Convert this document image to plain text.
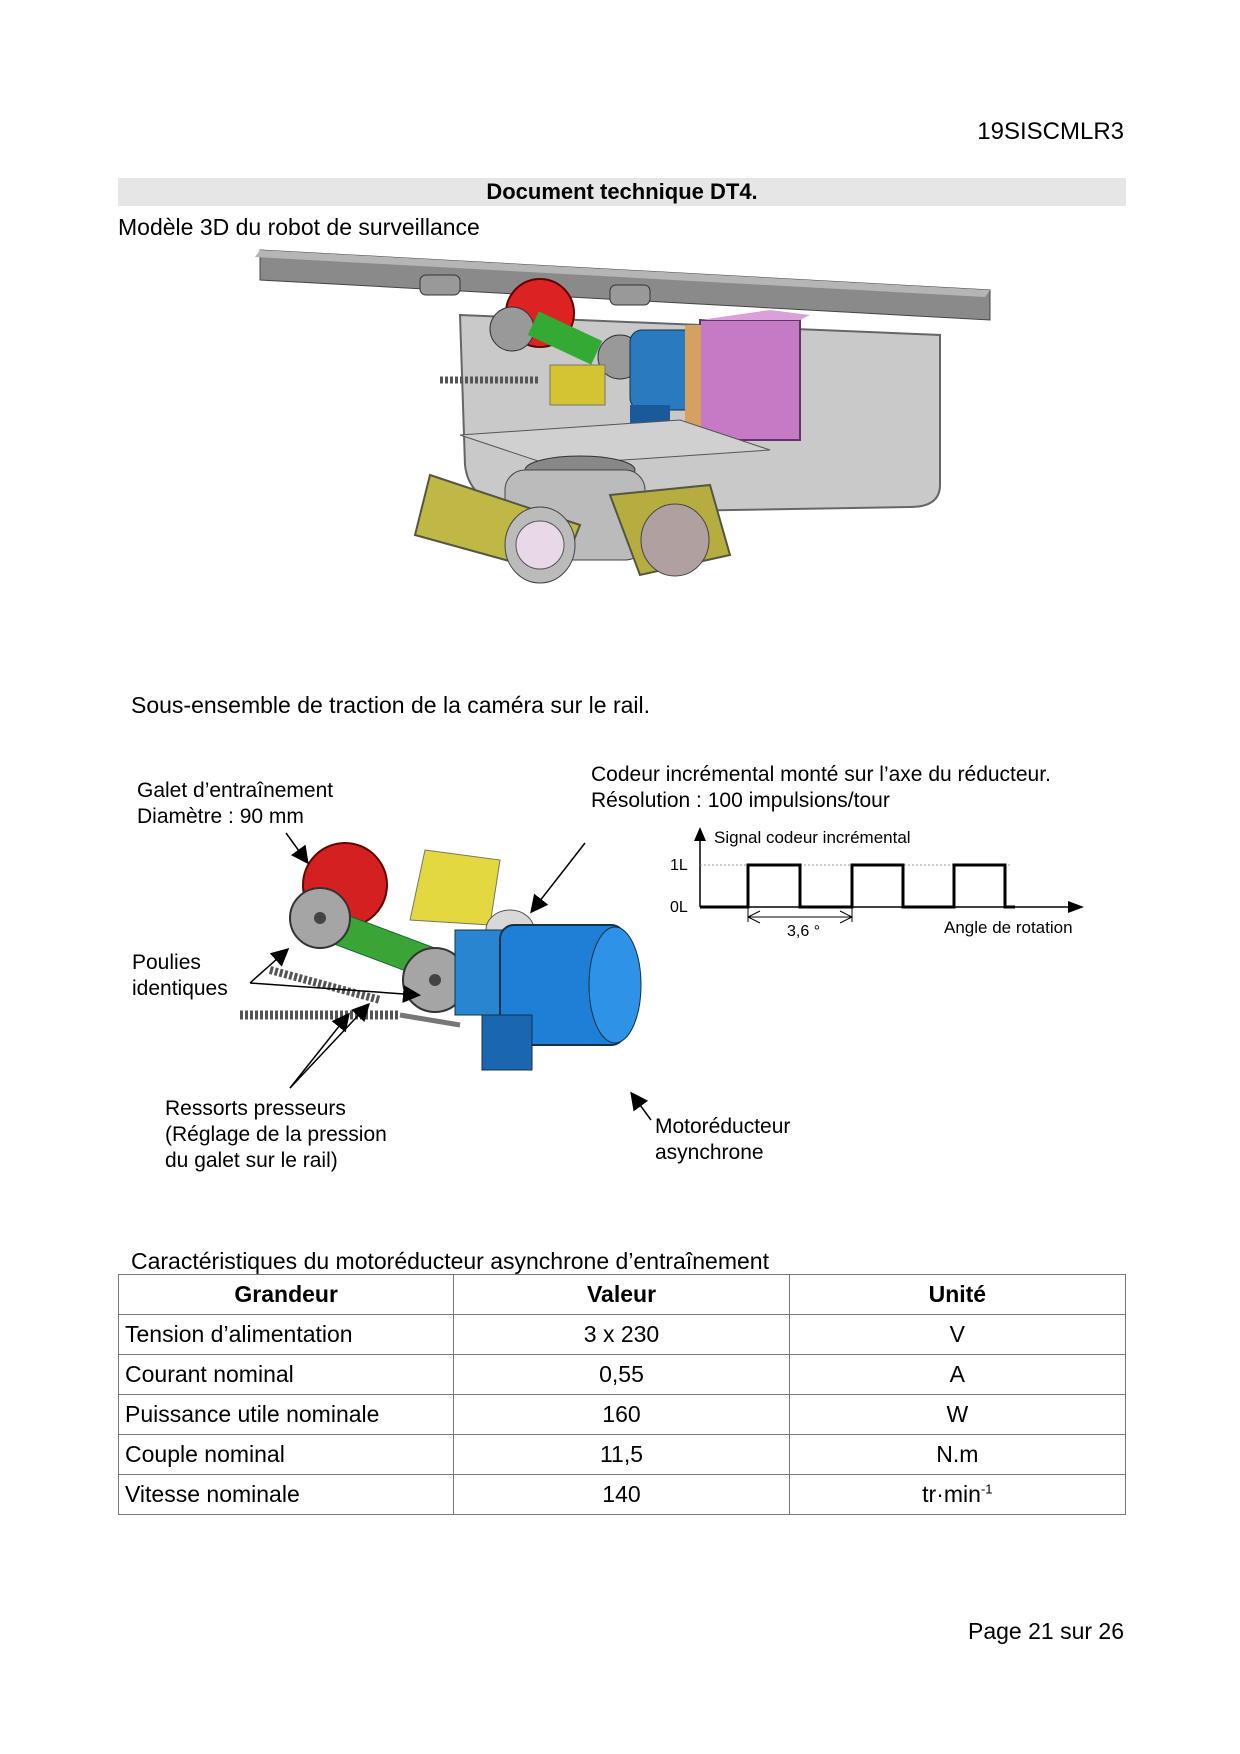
19SISCMLR3
Document technique DT4.
Modèle 3D du robot de surveillance
Sous-ensemble de traction de la caméra sur le rail.
Galet d’entraînement
Diamètre : 90 mm
Codeur incrémental monté sur l’axe du réducteur.
Résolution : 100 impulsions/tour
Poulies
identiques
Ressorts presseurs
(Réglage de la pression
du galet sur le rail)
Motoréducteur
asynchrone
Signal codeur incrémental
1L
0L
3,6 °	Angle de rotation
Caractéristiques du motoréducteur asynchrone d’entraînement
Grandeur	Valeur	Unité
Tension d’alimentation	3 x 230	V
Courant nominal	0,55	A
Puissance utile nominale	160	W
Couple nominal	11,5	N.m
Vitesse nominale	140	$tr\cdot\min^{-1}$
Page 21 sur 26
